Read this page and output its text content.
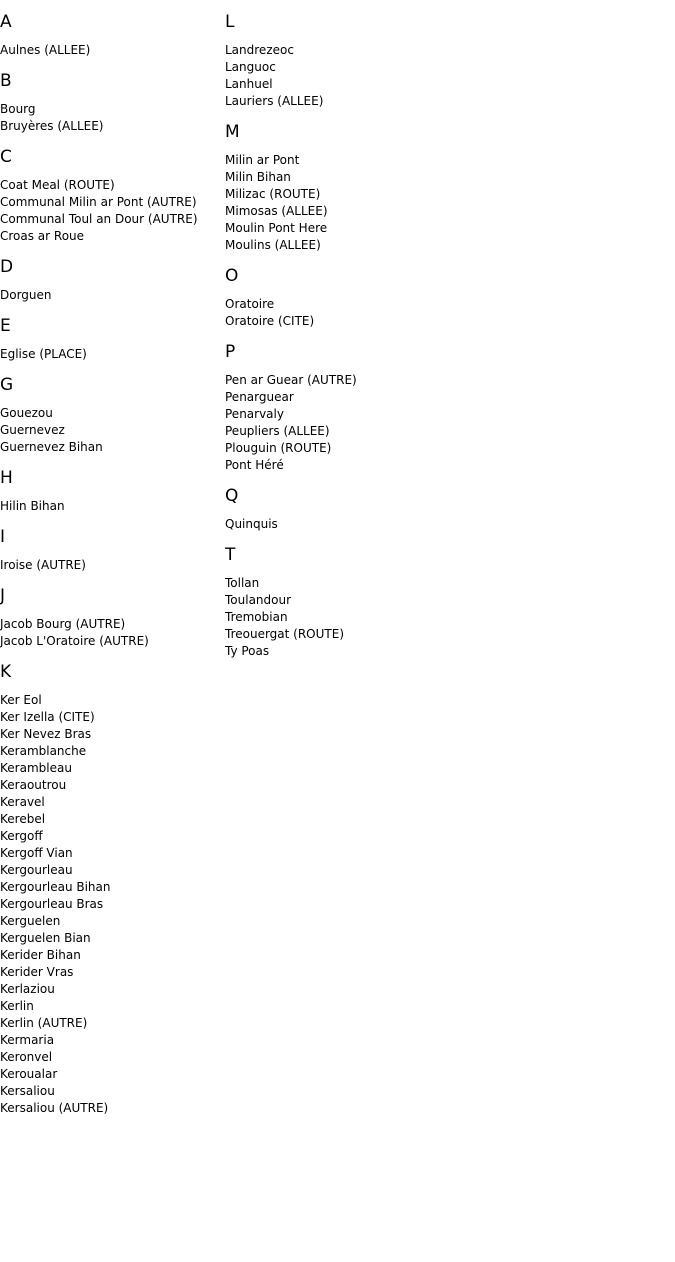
A
Aulnes (ALLEE)
B
Bourg
Bruyères (ALLEE)
C
Coat Meal (ROUTE)
Communal Milin ar Pont (AUTRE)
Communal Toul an Dour (AUTRE)
Croas ar Roue
D
Dorguen
E
Eglise (PLACE)
G
Gouezou
Guernevez
Guernevez Bihan
H
Hilin Bihan
I
Iroise (AUTRE)
J
Jacob Bourg (AUTRE)
Jacob L'Oratoire (AUTRE)
K
Ker Eol
Ker Izella (CITE)
Ker Nevez Bras
Keramblanche
Kerambleau
Keraoutrou
Keravel
Kerebel
Kergoff
Kergoff Vian
Kergourleau
Kergourleau Bihan
Kergourleau Bras
Kerguelen
Kerguelen Bian
Kerider Bihan
Kerider Vras
Kerlaziou
Kerlin
Kerlin (AUTRE)
Kermaria
Keronvel
Keroualar
Kersaliou
Kersaliou (AUTRE)
L
Landrezeoc
Languoc
Lanhuel
Lauriers (ALLEE)
M
Milin ar Pont
Milin Bihan
Milizac (ROUTE)
Mimosas (ALLEE)
Moulin Pont Here
Moulins (ALLEE)
O
Oratoire
Oratoire (CITE)
P
Pen ar Guear (AUTRE)
Penarguear
Penarvaly
Peupliers (ALLEE)
Plouguin (ROUTE)
Pont Héré
Q
Quinquis
T
Tollan
Toulandour
Tremobian
Treouergat (ROUTE)
Ty Poas
